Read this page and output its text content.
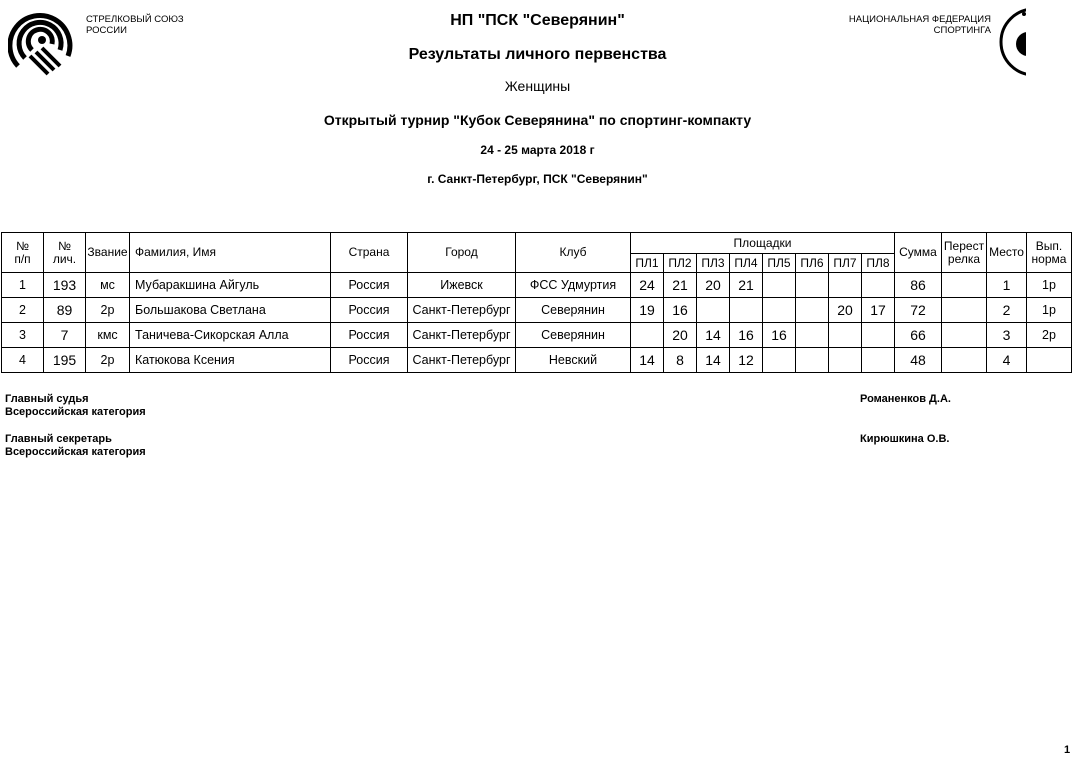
СТРЕЛКОВЫЙ СОЮЗ
РОССИИ
НАЦИОНАЛЬНАЯ ФЕДЕРАЦИЯ
СПОРТИНГА
НП "ПСК "Северянин"
Результаты личного первенства
Женщины
Открытый турнир "Кубок Северянина" по спортинг-компакту
24 - 25 марта 2018 г
г. Санкт-Петербург, ПСК "Северянин"
№
п/п	№
лич.	Звание	Фамилия, Имя	Страна	Город	Клуб	Площадки								Сумма	Перест
релка	Место	Вып.
норма
							ПЛ1	ПЛ2	ПЛ3	ПЛ4	ПЛ5	ПЛ6	ПЛ7	ПЛ8				
1	193	мс	Мубаракшина Айгуль	Россия	Ижевск	ФСС Удмуртия	24	21	20	21					86		1	1р
2	89	2р	Большакова Светлана	Россия	Санкт-Петербург	Северянин	19	16					20	17	72		2	1р
3	7	кмс	Таничева-Сикорская Алла	Россия	Санкт-Петербург	Северянин		20	14	16	16				66		3	2р
4	195	2р	Катюкова Ксения	Россия	Санкт-Петербург	Невский	14	8	14	12					48		4	
Главный судья
Всероссийская категория
Романенков Д.А.
Главный секретарь
Всероссийская категория
Кирюшкина О.В.
1
